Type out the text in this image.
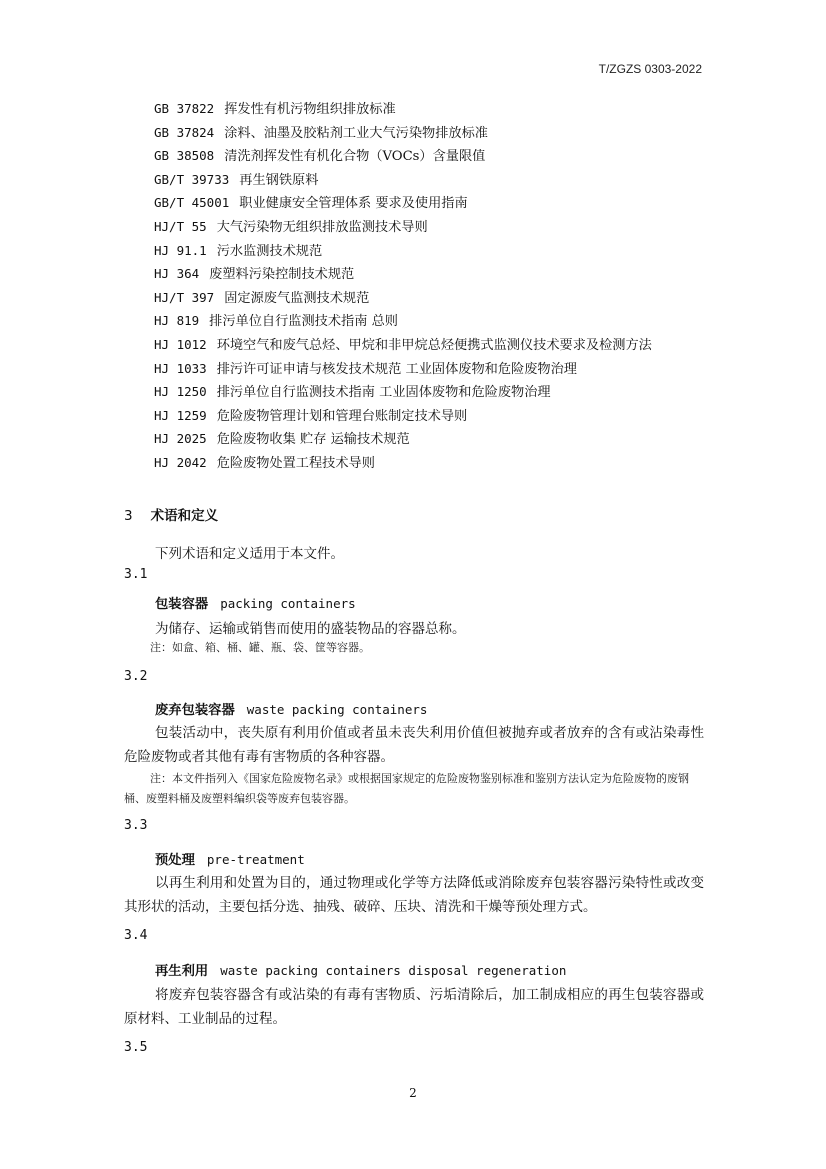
T/ZGZS 0303-2022
GB 37822 挥发性有机污物组织排放标准
GB 37824 涂料、油墨及胶粘剂工业大气污染物排放标准
GB 38508 清洗剂挥发性有机化合物（VOCs）含量限值
GB/T 39733 再生钢铁原料
GB/T 45001 职业健康安全管理体系 要求及使用指南
HJ/T 55 大气污染物无组织排放监测技术导则
HJ 91.1 污水监测技术规范
HJ 364 废塑料污染控制技术规范
HJ/T 397 固定源废气监测技术规范
HJ 819 排污单位自行监测技术指南 总则
HJ 1012 环境空气和废气总烃、甲烷和非甲烷总烃便携式监测仪技术要求及检测方法
HJ 1033 排污许可证申请与核发技术规范 工业固体废物和危险废物治理
HJ 1250 排污单位自行监测技术指南 工业固体废物和危险废物治理
HJ 1259 危险废物管理计划和管理台账制定技术导则
HJ 2025 危险废物收集 贮存 运输技术规范
HJ 2042 危险废物处置工程技术导则
3 术语和定义
下列术语和定义适用于本文件。
3.1
包装容器 packing containers

为储存、运输或销售而使用的盛装物品的容器总称。

注：如盒、箱、桶、罐、瓶、袋、筐等容器。

3.2
废弃包装容器 waste packing containers

包装活动中，丧失原有利用价值或者虽未丧失利用价值但被抛弃或者放弃的含有或沾染毒性危险废物或者其他有毒有害物质的各种容器。

注：本文件指列入《国家危险废物名录》或根据国家规定的危险废物鉴别标准和鉴别方法认定为危险废物的废钢桶、废塑料桶及废塑料编织袋等废弃包装容器。

3.3
预处理 pre-treatment

以再生利用和处置为目的，通过物理或化学等方法降低或消除废弃包装容器污染特性或改变其形状的活动，主要包括分选、抽残、破碎、压块、清洗和干燥等预处理方式。

3.4
再生利用 waste packing containers disposal regeneration

将废弃包装容器含有或沾染的有毒有害物质、污垢清除后，加工制成相应的再生包装容器或原材料、工业制品的过程。

3.5
2
